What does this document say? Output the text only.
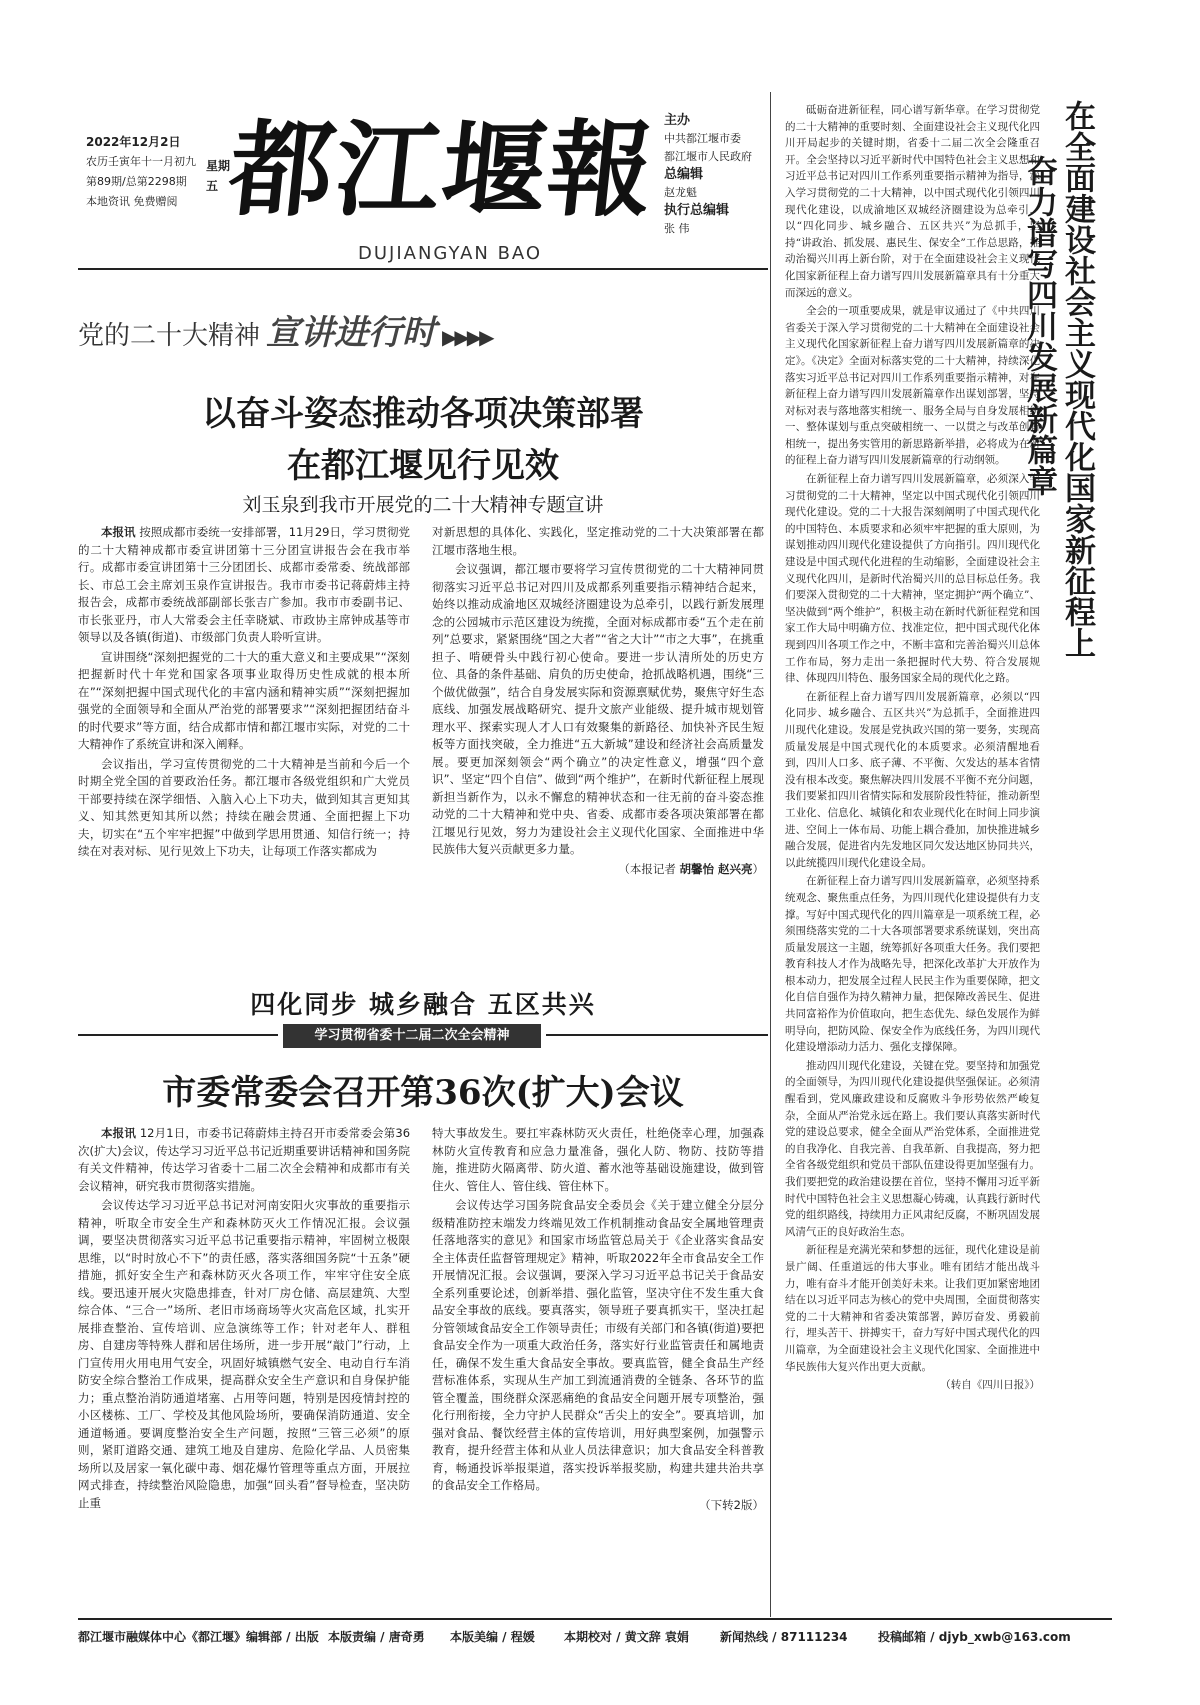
2022年12月2日
星期五
农历壬寅年十一月初九
第89期/总第2298期
本地资讯 免费赠阅 都江堰報
DUJIANGYAN BAO
主办
中共都江堰市委
都江堰市人民政府
总编辑
赵龙魁
执行总编辑
张 伟
党的二十大精神 宣讲进行时 ▶▶▶▶
以奋斗姿态推动各项决策部署
在都江堰见行见效
刘玉泉到我市开展党的二十大精神专题宣讲

本报讯 按照成都市委统一安排部署，11月29日，学习贯彻党的二十大精神成都市委宣讲团第十三分团宣讲报告会在我市举行。成都市委宣讲团第十三分团团长、成都市委常委、统战部部长、市总工会主席刘玉泉作宣讲报告。我市市委书记蒋蔚炜主持报告会，成都市委统战部副部长张吉广参加。我市市委副书记、市长张亚丹，市人大常委会主任幸晓斌、市政协主席钟成基等市领导以及各镇(街道)、市级部门负责人聆听宣讲。

宣讲围绕“深刻把握党的二十大的重大意义和主要成果”“深刻把握新时代十年党和国家各项事业取得历史性成就的根本所在”“深刻把握中国式现代化的丰富内涵和精神实质”“深刻把握加强党的全面领导和全面从严治党的部署要求”“深刻把握团结奋斗的时代要求”等方面，结合成都市情和都江堰市实际，对党的二十大精神作了系统宣讲和深入阐释。

会议指出，学习宣传贯彻党的二十大精神是当前和今后一个时期全党全国的首要政治任务。都江堰市各级党组织和广大党员干部要持续在深学细悟、入脑入心上下功夫，做到知其言更知其义、知其然更知其所以然；持续在融会贯通、全面把握上下功夫，切实在“五个牢牢把握”中做到学思用贯通、知信行统一；持续在对表对标、见行见效上下功夫，让每项工作落实都成为

对新思想的具体化、实践化，坚定推动党的二十大决策部署在都江堰市落地生根。

会议强调，都江堰市要将学习宣传贯彻党的二十大精神同贯彻落实习近平总书记对四川及成都系列重要指示精神结合起来，始终以推动成渝地区双城经济圈建设为总牵引，以践行新发展理念的公园城市示范区建设为统揽，全面对标成都市委“五个走在前列”总要求，紧紧围绕“国之大者”“省之大计”“市之大事”，在挑重担子、啃硬骨头中践行初心使命。要进一步认清所处的历史方位、具备的条件基础、肩负的历史使命，抢抓战略机遇，围绕“三个做优做强”，结合自身发展实际和资源禀赋优势，聚焦守好生态底线、加强发展战略研究、提升文旅产业能级、提升城市规划管理水平、探索实现人才人口有效聚集的新路径、加快补齐民生短板等方面找突破，全力推进“五大新城”建设和经济社会高质量发展。要更加深刻领会“两个确立”的决定性意义，增强“四个意识”、坚定“四个自信”、做到“两个维护”，在新时代新征程上展现新担当新作为，以永不懈怠的精神状态和一往无前的奋斗姿态推动党的二十大精神和党中央、省委、成都市委各项决策部署在都江堰见行见效，努力为建设社会主义现代化国家、全面推进中华民族伟大复兴贡献更多力量。

（本报记者 胡馨怡 赵兴亮）
四化同步 城乡融合 五区共兴
学习贯彻省委十二届二次全会精神
市委常委会召开第36次(扩大)会议

本报讯 12月1日，市委书记蒋蔚炜主持召开市委常委会第36次(扩大)会议，传达学习习近平总书记近期重要讲话精神和国务院有关文件精神，传达学习省委十二届二次全会精神和成都市有关会议精神，研究我市贯彻落实措施。

会议传达学习习近平总书记对河南安阳火灾事故的重要指示精神，听取全市安全生产和森林防灭火工作情况汇报。会议强调，要坚决贯彻落实习近平总书记重要指示精神，牢固树立极限思维，以“时时放心不下”的责任感，落实落细国务院“十五条”硬措施，抓好安全生产和森林防灭火各项工作，牢牢守住安全底线。要迅速开展火灾隐患排查，针对厂房仓储、高层建筑、大型综合体、“三合一”场所、老旧市场商场等火灾高危区域，扎实开展排查整治、宣传培训、应急演练等工作；针对老年人、群租房、自建房等特殊人群和居住场所，进一步开展“敲门”行动，上门宣传用火用电用气安全，巩固好城镇燃气安全、电动自行车消防安全综合整治工作成果，提高群众安全生产意识和自身保护能力；重点整治消防通道堵塞、占用等问题，特别是因疫情封控的小区楼栋、工厂、学校及其他风险场所，要确保消防通道、安全通道畅通。要调度整治安全生产问题，按照“三管三必须”的原则，紧盯道路交通、建筑工地及自建房、危险化学品、人员密集场所以及居家一氧化碳中毒、烟花爆竹管理等重点方面，开展拉网式排查，持续整治风险隐患，加强“回头看”督导检查，坚决防止重

特大事故发生。要扛牢森林防灭火责任，杜绝侥幸心理，加强森林防火宣传教育和应急力量准备，强化人防、物防、技防等措施，推进防火隔离带、防火道、蓄水池等基础设施建设，做到管住火、管住人、管住线、管住林下。

会议传达学习国务院食品安全委员会《关于建立健全分层分级精准防控末端发力终端见效工作机制推动食品安全属地管理责任落地落实的意见》和国家市场监管总局关于《企业落实食品安全主体责任监督管理规定》精神，听取2022年全市食品安全工作开展情况汇报。会议强调，要深入学习习近平总书记关于食品安全系列重要论述，创新举措、强化监管，坚决守住不发生重大食品安全事故的底线。要真落实，领导班子要真抓实干，坚决扛起分管领域食品安全工作领导责任；市级有关部门和各镇(街道)要把食品安全作为一项重大政治任务，落实好行业监管责任和属地责任，确保不发生重大食品安全事故。要真监管，健全食品生产经营标准体系，实现从生产加工到流通消费的全链条、各环节的监管全覆盖，围绕群众深恶痛绝的食品安全问题开展专项整治，强化行刑衔接，全力守护人民群众“舌尖上的安全”。要真培训，加强对食品、餐饮经营主体的宣传培训，用好典型案例，加强警示教育，提升经营主体和从业人员法律意识；加大食品安全科普教育，畅通投诉举报渠道，落实投诉举报奖励，构建共建共治共享的食品安全工作格局。

（下转2版）

砥砺奋进新征程，同心谱写新华章。在学习贯彻党的二十大精神的重要时刻、全面建设社会主义现代化四川开局起步的关键时期，省委十二届二次全会隆重召开。全会坚持以习近平新时代中国特色社会主义思想和习近平总书记对四川工作系列重要指示精神为指导，深入学习贯彻党的二十大精神，以中国式现代化引领四川现代化建设，以成渝地区双城经济圈建设为总牵引，以“四化同步、城乡融合、五区共兴”为总抓手，坚持“讲政治、抓发展、惠民生、保安全”工作总思路，推动治蜀兴川再上新台阶，对于在全面建设社会主义现代化国家新征程上奋力谱写四川发展新篇章具有十分重大而深远的意义。

全会的一项重要成果，就是审议通过了《中共四川省委关于深入学习贯彻党的二十大精神在全面建设社会主义现代化国家新征程上奋力谱写四川发展新篇章的决定》。《决定》全面对标落实党的二十大精神，持续深化落实习近平总书记对四川工作系列重要指示精神，对在新征程上奋力谱写四川发展新篇章作出谋划部署，坚持对标对表与落地落实相统一、服务全局与自身发展相统一、整体谋划与重点突破相统一、一以贯之与改革创新相统一，提出务实管用的新思路新举措，必将成为在新的征程上奋力谱写四川发展新篇章的行动纲领。

在新征程上奋力谱写四川发展新篇章，必须深入学习贯彻党的二十大精神，坚定以中国式现代化引领四川现代化建设。党的二十大报告深刻阐明了中国式现代化的中国特色、本质要求和必须牢牢把握的重大原则，为谋划推动四川现代化建设提供了方向指引。四川现代化建设是中国式现代化进程的生动缩影，全面建设社会主义现代化四川，是新时代治蜀兴川的总目标总任务。我们要深入贯彻党的二十大精神，坚定拥护“两个确立”、坚决做到“两个维护”，积极主动在新时代新征程党和国家工作大局中明确方位、找准定位，把中国式现代化体现到四川各项工作之中，不断丰富和完善治蜀兴川总体工作布局，努力走出一条把握时代大势、符合发展规律、体现四川特色、服务国家全局的现代化之路。

在新征程上奋力谱写四川发展新篇章，必须以“四化同步、城乡融合、五区共兴”为总抓手，全面推进四川现代化建设。发展是党执政兴国的第一要务，实现高质量发展是中国式现代化的本质要求。必须清醒地看到，四川人口多、底子薄、不平衡、欠发达的基本省情没有根本改变。聚焦解决四川发展不平衡不充分问题，我们要紧扣四川省情实际和发展阶段性特征，推动新型工业化、信息化、城镇化和农业现代化在时间上同步演进、空间上一体布局、功能上耦合叠加，加快推进城乡融合发展，促进省内先发地区同欠发达地区协同共兴，以此统揽四川现代化建设全局。

在新征程上奋力谱写四川发展新篇章，必须坚持系统观念、聚焦重点任务，为四川现代化建设提供有力支撑。写好中国式现代化的四川篇章是一项系统工程，必须围绕落实党的二十大各项部署要求系统谋划，突出高质量发展这一主题，统筹抓好各项重大任务。我们要把教育科技人才作为战略先导，把深化改革扩大开放作为根本动力，把发展全过程人民民主作为重要保障，把文化自信自强作为持久精神力量，把保障改善民生、促进共同富裕作为价值取向，把生态优先、绿色发展作为鲜明导向，把防风险、保安全作为底线任务，为四川现代化建设增添动力活力、强化支撑保障。

推动四川现代化建设，关键在党。要坚持和加强党的全面领导，为四川现代化建设提供坚强保证。必须清醒看到，党风廉政建设和反腐败斗争形势依然严峻复杂，全面从严治党永远在路上。我们要认真落实新时代党的建设总要求，健全全面从严治党体系，全面推进党的自我净化、自我完善、自我革新、自我提高，努力把全省各级党组织和党员干部队伍建设得更加坚强有力。我们要把党的政治建设摆在首位，坚持不懈用习近平新时代中国特色社会主义思想凝心铸魂，认真践行新时代党的组织路线，持续用力正风肃纪反腐，不断巩固发展风清气正的良好政治生态。

新征程是充满光荣和梦想的远征，现代化建设是前景广阔、任重道远的伟大事业。唯有团结才能出战斗力，唯有奋斗才能开创美好未来。让我们更加紧密地团结在以习近平同志为核心的党中央周围，全面贯彻落实党的二十大精神和省委决策部署，踔厉奋发、勇毅前行，埋头苦干、拼搏实干，奋力写好中国式现代化的四川篇章，为全面建设社会主义现代化国家、全面推进中华民族伟大复兴作出更大贡献。

（转自《四川日报》）
在全面建设社会主义现代化国家新征程上
奋力谱写四川发展新篇章
都江堰市融媒体中心《都江堰》编辑部 / 出版 本版责编 / 唐奇勇 本版美编 / 程媛 本期校对 / 黄文辞 袁娟	新闻热线 / 87111234	投稿邮箱 / djyb_xwb@163.com
